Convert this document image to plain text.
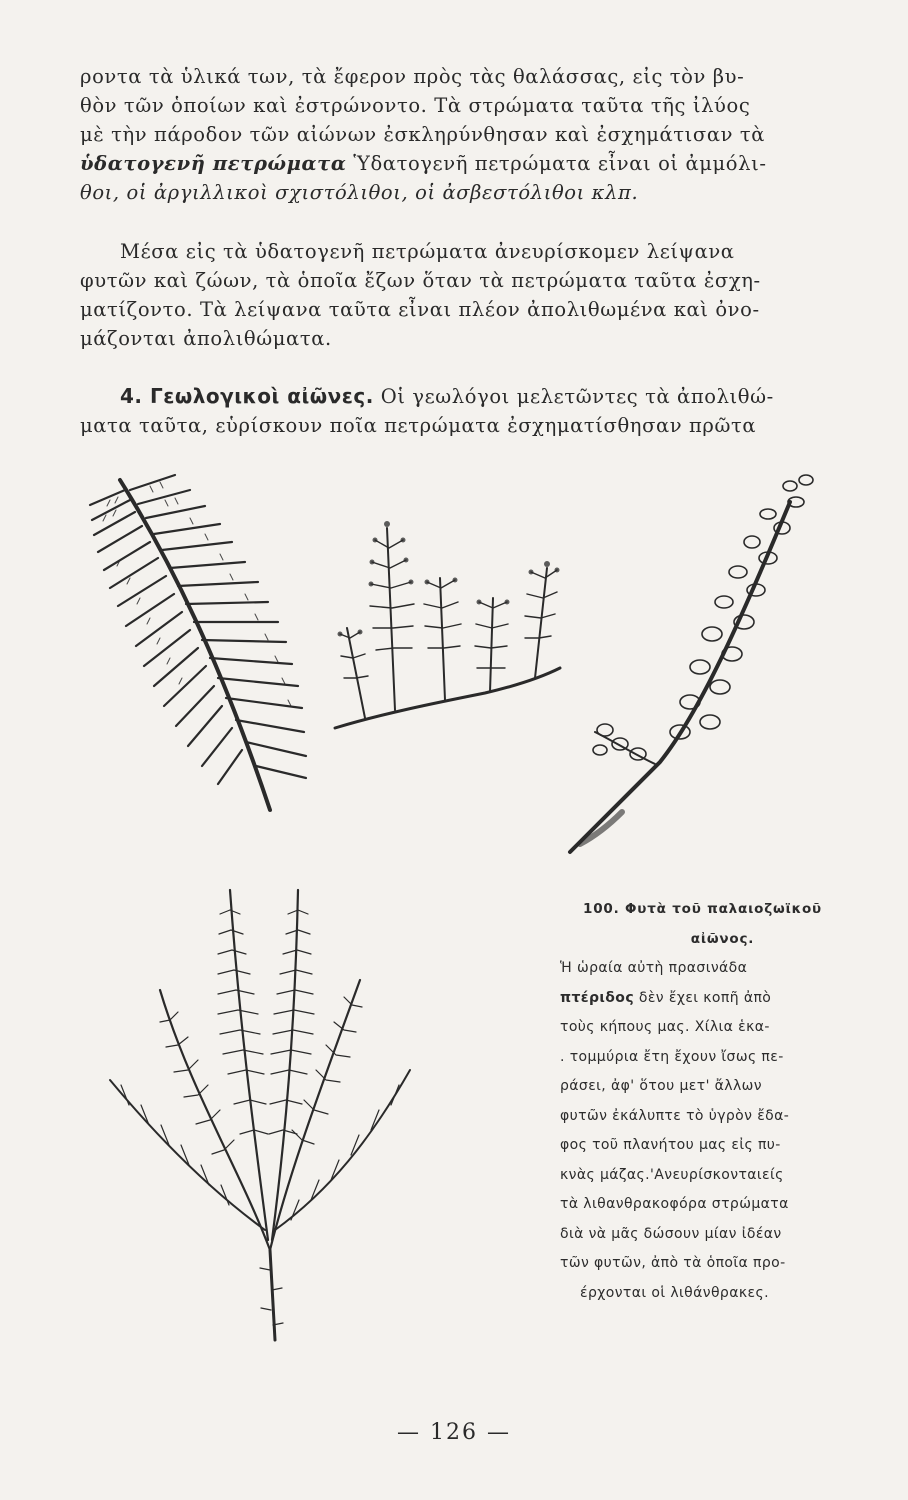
ροντα τὰ ὑλικά των, τὰ ἔφερον πρὸς τὰς θαλάσσας, εἰς τὸν βυ-
θὸν τῶν ὁποίων καὶ ἐστρώνοντο. Τὰ στρώματα ταῦτα τῆς ἰλύος
μὲ τὴν πάροδον τῶν αἰώνων ἐσκληρύνθησαν καὶ ἐσχημάτισαν τὰ
ὑδατογενῆ πετρώματα Ὑδατογενῆ πετρώματα εἶναι οἱ ἀμμόλι-
θοι, οἱ ἀργιλλικοὶ σχιστόλιθοι, οἱ ἀσβεστόλιθοι κλπ.
Μέσα εἰς τὰ ὑδατογενῆ πετρώματα ἀνευρίσκομεν λείψανα
φυτῶν καὶ ζώων, τὰ ὁποῖα ἔζων ὅταν τὰ πετρώματα ταῦτα ἐσχη-
ματίζοντο. Τὰ λείψανα ταῦτα εἶναι πλέον ἀπολιθωμένα καὶ ὀνο-
μάζονται ἀπολιθώματα.
4. Γεωλογικοὶ αἰῶνες. Οἱ γεωλόγοι μελετῶντες τὰ ἀπολιθώ-
ματα ταῦτα, εὑρίσκουν ποῖα πετρώματα ἐσχηματίσθησαν πρῶτα
100. Φυτὰ τοῦ παλαιοζωϊκοῦ
αἰῶνος.
Ἡ ὡραία αὐτὴ πρασινάδα
πτέριδος δὲν ἔχει κοπῆ ἀπὸ
τοὺς κήπους μας. Χίλια ἑκα-
. τομμύρια ἔτη ἔχουν ἴσως πε-
ράσει, ἀφ' ὅτου μετ' ἄλλων
φυτῶν ἐκάλυπτε τὸ ὑγρὸν ἔδα-
φος τοῦ πλανήτου μας εἰς πυ-
κνὰς μάζας.'Ανευρίσκονταιείς
τὰ λιθανθρακοφόρα στρώματα
διὰ νὰ μᾶς δώσουν μίαν ἰδέαν
τῶν φυτῶν, ἀπὸ τὰ ὁποῖα προ-
έρχονται οἱ λιθάνθρακες.
— 126 —
